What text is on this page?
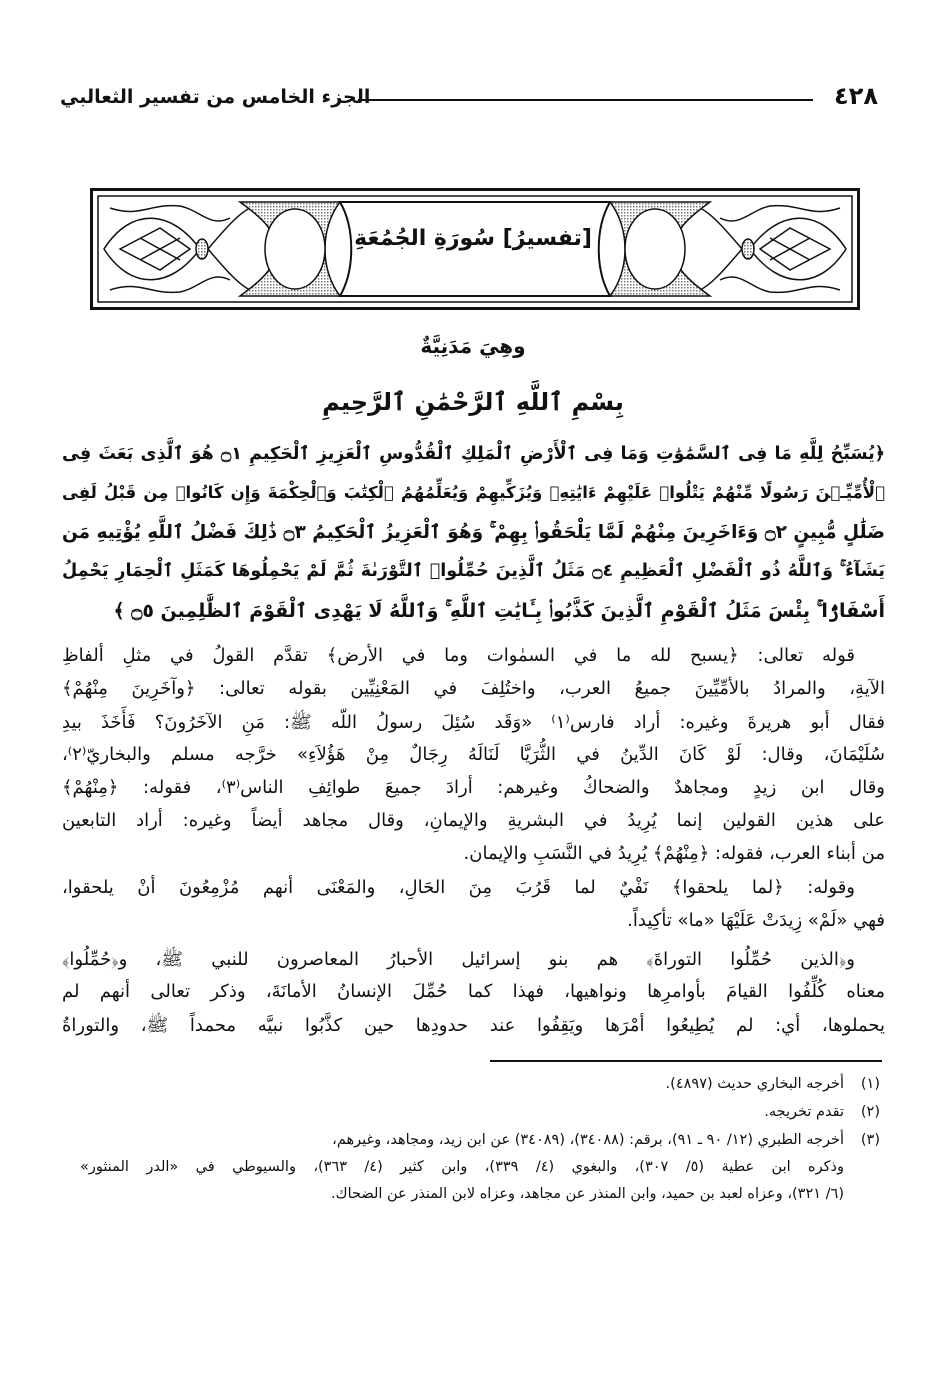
٤٢٨
الجزء الخامس من تفسير الثعالبي
[تفسيرُ] سُورَةِ الجُمُعَةِ
وهِيَ مَدَنِيَّةٌ
بِسْمِ ٱللَّهِ ٱلرَّحْمَٰنِ ٱلرَّحِيمِ
﴿يُسَبِّحُ لِلَّهِ مَا فِى ٱلسَّمَٰوَٰتِ وَمَا فِى ٱلْأَرْضِ ٱلْمَلِكِ ٱلْقُدُّوسِ ٱلْعَزِيزِ ٱلْحَكِيمِ ۝١ هُوَ ٱلَّذِى بَعَثَ فِى
ٱلْأُمِّيِّـۧنَ رَسُولًا مِّنْهُمْ يَتْلُوا۟ عَلَيْهِمْ ءَايَٰتِهِۦ وَيُزَكِّيهِمْ وَيُعَلِّمُهُمُ ٱلْكِتَٰبَ وَٱلْحِكْمَةَ وَإِن كَانُوا۟ مِن قَبْلُ لَفِى
ضَلَٰلٍ مُّبِينٍ ۝٢ وَءَاخَرِينَ مِنْهُمْ لَمَّا يَلْحَقُوا۟ بِهِمْ ۚ وَهُوَ ٱلْعَزِيزُ ٱلْحَكِيمُ ۝٣ ذَٰلِكَ فَضْلُ ٱللَّهِ يُؤْتِيهِ مَن
يَشَآءُ ۚ وَٱللَّهُ ذُو ٱلْفَضْلِ ٱلْعَظِيمِ ۝٤ مَثَلُ ٱلَّذِينَ حُمِّلُوا۟ ٱلتَّوْرَىٰةَ ثُمَّ لَمْ يَحْمِلُوهَا كَمَثَلِ ٱلْحِمَارِ يَحْمِلُ
أَسْفَارًۢا ۚ بِئْسَ مَثَلُ ٱلْقَوْمِ ٱلَّذِينَ كَذَّبُوا۟ بِـَٔايَٰتِ ٱللَّهِ ۚ وَٱللَّهُ لَا يَهْدِى ٱلْقَوْمَ ٱلظَّٰلِمِينَ ۝٥ ﴾
قوله تعالى: ﴿يسبح لله ما في السمٰوات وما في الأرض﴾ تقدَّم القولُ في مثلِ ألفاظِ
الآيةِ، والمرادُ بالأمِّيِّينَ جميعُ العرب، واختُلِفَ في المَعْنِيِّين بقوله تعالى: ﴿وآخَرِينَ مِنْهُمْ﴾
فقال أبو هريرةَ وغيره: أراد فارس⁽١⁾ «وَقَد سُئِلَ رسولُ اللّه ﷺ: مَنِ الآخَرُونَ؟ فَأَخَذَ بيدِ
سُلَيْمَانَ، وقال: لَوْ كَانَ الدِّينُ في الثُّرَيَّا لَنَالَهُ رِجَالٌ مِنْ هَؤُلاَءِ» خرَّجه مسلم والبخاريّ⁽٢⁾،
وقال ابن زيدٍ ومجاهدٌ والضحاكُ وغيرهم: أرادَ جميعَ طوائِفِ الناس⁽٣⁾، فقوله: ﴿مِنْهُمْ﴾
على هذين القولين إنما يُرِيدُ في البشريةِ والإيمانِ، وقال مجاهد أيضاً وغيره: أراد التابعين
من أبناء العرب، فقوله: ﴿مِنْهُمْ﴾ يُرِيدُ في النَّسَبِ والإيمان.
وقوله: ﴿لما يلحقوا﴾ نَفْيٌ لما قَرُبَ مِنَ الحَالِ، والمَعْنَى أنهم مُزْمِعُونَ أنْ يلحقوا،
فهي «لَمْ» زِيدَتْ عَلَيْهَا «ما» تأكِيداً.
و﴿الذين حُمِّلُوا التوراةَ﴾ هم بنو إسرائيل الأحبارُ المعاصرون للنبي ﷺ، و﴿حُمِّلُوا﴾
معناه كُلِّفُوا القيامَ بأوامرِها ونواهيها، فهذا كما حُمِّلَ الإنسانُ الأمانَةَ، وذكر تعالى أنهم لم
يحملوها، أي: لم يُطِيعُوا أمْرَها ويَقِفُوا عند حدودِها حين كذَّبُوا نبيَّه محمداً ﷺ، والتوراةُ
(١)أخرجه البخاري حديث (٤٨٩٧).
(٢)تقدم تخريجه.
(٣)أخرجه الطبري (١٢/ ٩٠ ـ ٩١)، برقم: (٣٤٠٨٨)، (٣٤٠٨٩) عن ابن زيد، ومجاهد، وغيرهم،
وذكره ابن عطية (٥/ ٣٠٧)، والبغوي (٤/ ٣٣٩)، وابن كثير (٤/ ٣٦٣)، والسيوطي في «الدر المنثور»
(٦/ ٣٢١)، وعزاه لعبد بن حميد، وابن المنذر عن مجاهد، وعزاه لابن المنذر عن الضحاك.
